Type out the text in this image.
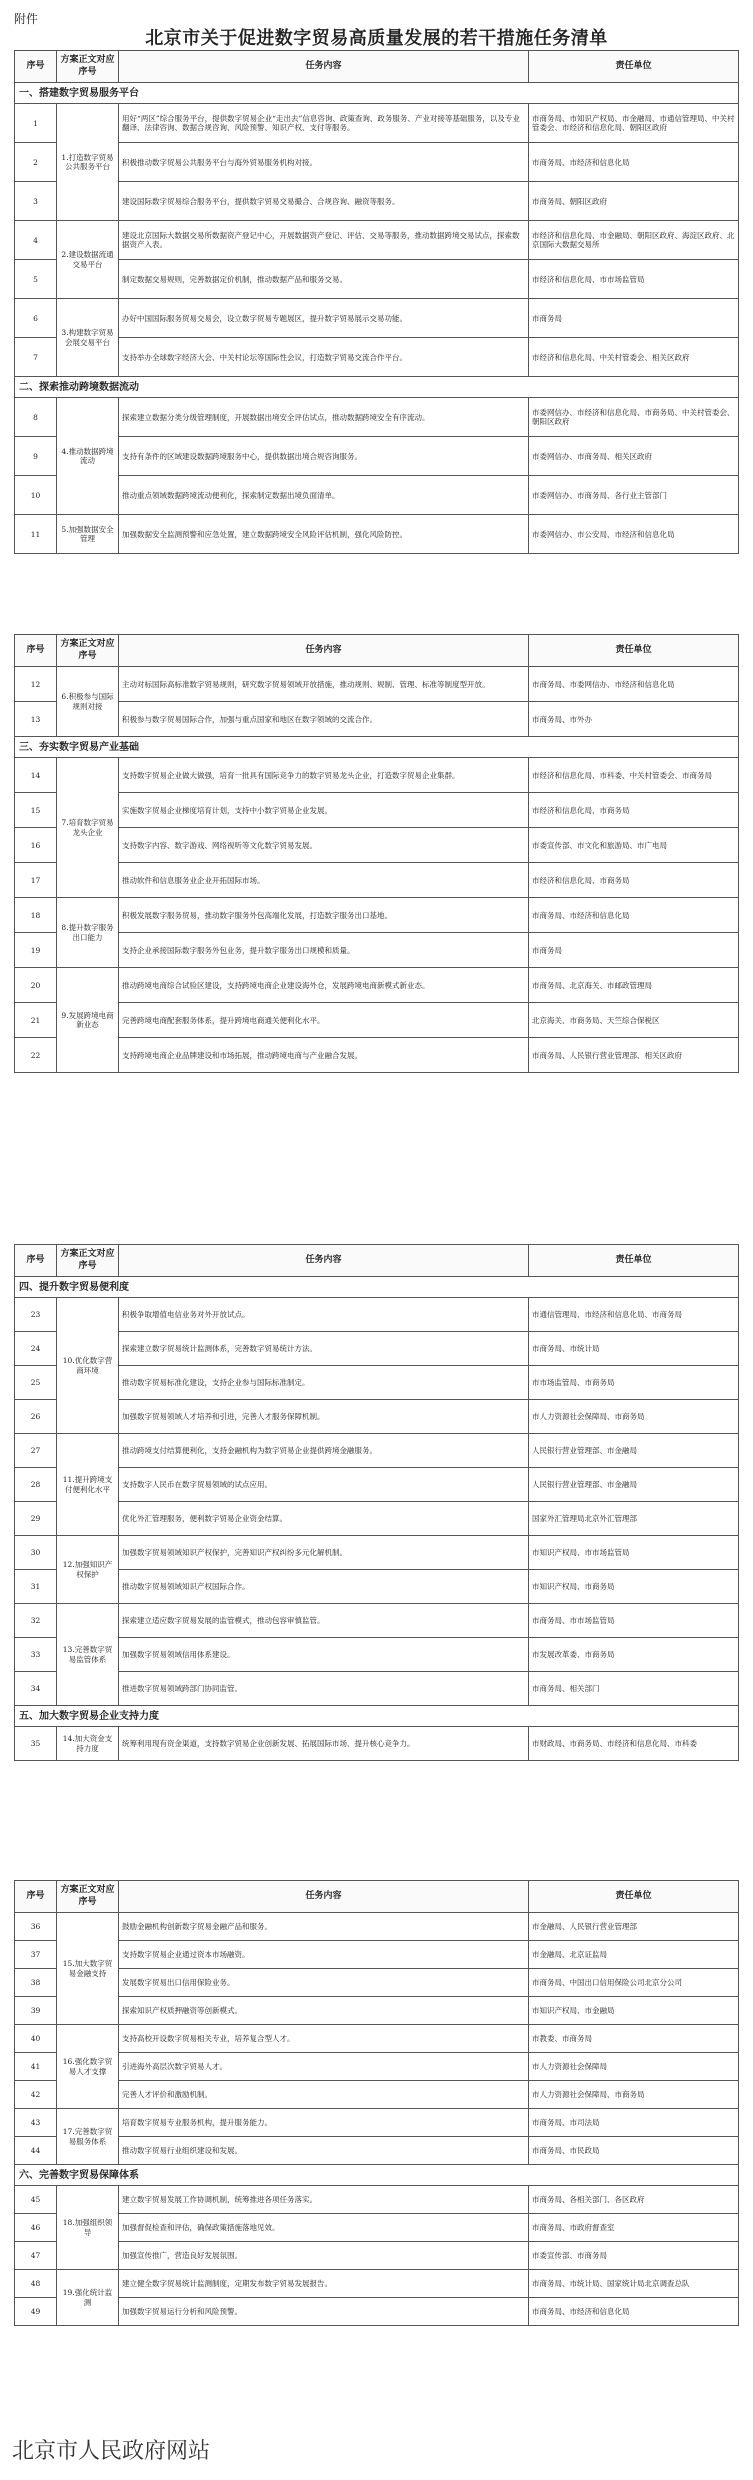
附件
北京市关于促进数字贸易高质量发展的若干措施任务清单
序号	方案正文对应序号	任务内容	责任单位
一、搭建数字贸易服务平台			
1	1.打造数字贸易公共服务平台	用好“两区”综合服务平台，提供数字贸易企业“走出去”信息咨询、政策查询、政务服务、产业对接等基础服务，以及专业翻译、法律咨询、数据合规咨询、风险预警、知识产权、支付等服务。	市商务局、市知识产权局、市金融局、市通信管理局、中关村管委会、市经济和信息化局、朝阳区政府
2		积极推动数字贸易公共服务平台与海外贸易服务机构对接。	市商务局、市经济和信息化局
3		建设国际数字贸易综合服务平台，提供数字贸易交易撮合、合规咨询、融资等服务。	市商务局、朝阳区政府
4	2.建设数据流通交易平台	建设北京国际大数据交易所数据资产登记中心，开展数据资产登记、评估、交易等服务，推动数据跨境交易试点，探索数据资产入表。	市经济和信息化局、市金融局、朝阳区政府、海淀区政府、北京国际大数据交易所
5		制定数据交易规则，完善数据定价机制，推动数据产品和服务交易。	市经济和信息化局、市市场监管局
6	3.构建数字贸易会展交易平台	办好中国国际服务贸易交易会，设立数字贸易专题展区，提升数字贸易展示交易功能。	市商务局
7		支持举办全球数字经济大会、中关村论坛等国际性会议，打造数字贸易交流合作平台。	市经济和信息化局、中关村管委会、相关区政府
二、探索推动跨境数据流动			
8	4.推动数据跨境流动	探索建立数据分类分级管理制度，开展数据出境安全评估试点，推动数据跨境安全有序流动。	市委网信办、市经济和信息化局、市商务局、中关村管委会、朝阳区政府
9		支持有条件的区域建设数据跨境服务中心，提供数据出境合规咨询服务。	市委网信办、市商务局、相关区政府
10		推动重点领域数据跨境流动便利化，探索制定数据出境负面清单。	市委网信办、市商务局、各行业主管部门
11	5.加强数据安全管理	加强数据安全监测预警和应急处置，建立数据跨境安全风险评估机制，强化风险防控。	市委网信办、市公安局、市经济和信息化局
序号	方案正文对应序号	任务内容	责任单位
12	6.积极参与国际规则对接	主动对标国际高标准数字贸易规则，研究数字贸易领域开放措施，推动规则、规制、管理、标准等制度型开放。	市商务局、市委网信办、市经济和信息化局
13		积极参与数字贸易国际合作，加强与重点国家和地区在数字领域的交流合作。	市商务局、市外办
三、夯实数字贸易产业基础			
14	7.培育数字贸易龙头企业	支持数字贸易企业做大做强，培育一批具有国际竞争力的数字贸易龙头企业，打造数字贸易企业集群。	市经济和信息化局、市科委、中关村管委会、市商务局
15		实施数字贸易企业梯度培育计划，支持中小数字贸易企业发展。	市经济和信息化局、市商务局
16		支持数字内容、数字游戏、网络视听等文化数字贸易发展。	市委宣传部、市文化和旅游局、市广电局
17		推动软件和信息服务业企业开拓国际市场。	市经济和信息化局、市商务局
18	8.提升数字服务出口能力	积极发展数字服务贸易，推动数字服务外包高端化发展，打造数字服务出口基地。	市商务局、市经济和信息化局
19		支持企业承接国际数字服务外包业务，提升数字服务出口规模和质量。	市商务局
20	9.发展跨境电商新业态	推动跨境电商综合试验区建设，支持跨境电商企业建设海外仓，发展跨境电商新模式新业态。	市商务局、北京海关、市邮政管理局
21		完善跨境电商配套服务体系，提升跨境电商通关便利化水平。	北京海关、市商务局、天竺综合保税区
22		支持跨境电商企业品牌建设和市场拓展，推动跨境电商与产业融合发展。	市商务局、人民银行营业管理部、相关区政府
序号	方案正文对应序号	任务内容	责任单位
四、提升数字贸易便利度			
23	10.优化数字营商环境	积极争取增值电信业务对外开放试点。	市通信管理局、市经济和信息化局、市商务局
24		探索建立数字贸易统计监测体系，完善数字贸易统计方法。	市商务局、市统计局
25		推动数字贸易标准化建设，支持企业参与国际标准制定。	市市场监管局、市商务局
26		加强数字贸易领域人才培养和引进，完善人才服务保障机制。	市人力资源社会保障局、市商务局
27	11.提升跨境支付便利化水平	推动跨境支付结算便利化，支持金融机构为数字贸易企业提供跨境金融服务。	人民银行营业管理部、市金融局
28		支持数字人民币在数字贸易领域的试点应用。	人民银行营业管理部、市金融局
29		优化外汇管理服务，便利数字贸易企业资金结算。	国家外汇管理局北京外汇管理部
30	12.加强知识产权保护	加强数字贸易领域知识产权保护，完善知识产权纠纷多元化解机制。	市知识产权局、市市场监管局
31		推动数字贸易领域知识产权国际合作。	市知识产权局、市商务局
32	13.完善数字贸易监管体系	探索建立适应数字贸易发展的监管模式，推动包容审慎监管。	市商务局、市市场监管局
33		加强数字贸易领域信用体系建设。	市发展改革委、市商务局
34		推进数字贸易领域跨部门协同监管。	市商务局、相关部门
五、加大数字贸易企业支持力度			
35	14.加大资金支持力度	统筹利用现有资金渠道，支持数字贸易企业创新发展、拓展国际市场、提升核心竞争力。	市财政局、市商务局、市经济和信息化局、市科委
序号	方案正文对应序号	任务内容	责任单位
36	15.加大数字贸易金融支持	鼓励金融机构创新数字贸易金融产品和服务。	市金融局、人民银行营业管理部
37		支持数字贸易企业通过资本市场融资。	市金融局、北京证监局
38		发展数字贸易出口信用保险业务。	市商务局、中国出口信用保险公司北京分公司
39		探索知识产权质押融资等创新模式。	市知识产权局、市金融局
40	16.强化数字贸易人才支撑	支持高校开设数字贸易相关专业，培养复合型人才。	市教委、市商务局
41		引进海外高层次数字贸易人才。	市人力资源社会保障局
42		完善人才评价和激励机制。	市人力资源社会保障局、市商务局
43	17.完善数字贸易服务体系	培育数字贸易专业服务机构，提升服务能力。	市商务局、市司法局
44		推动数字贸易行业组织建设和发展。	市商务局、市民政局
六、完善数字贸易保障体系			
45	18.加强组织领导	建立数字贸易发展工作协调机制，统筹推进各项任务落实。	市商务局、各相关部门、各区政府
46		加强督促检查和评估，确保政策措施落地见效。	市商务局、市政府督查室
47		加强宣传推广，营造良好发展氛围。	市委宣传部、市商务局
48	19.强化统计监测	建立健全数字贸易统计监测制度，定期发布数字贸易发展报告。	市商务局、市统计局、国家统计局北京调查总队
49		加强数字贸易运行分析和风险预警。	市商务局、市经济和信息化局
北京市人民政府网站
